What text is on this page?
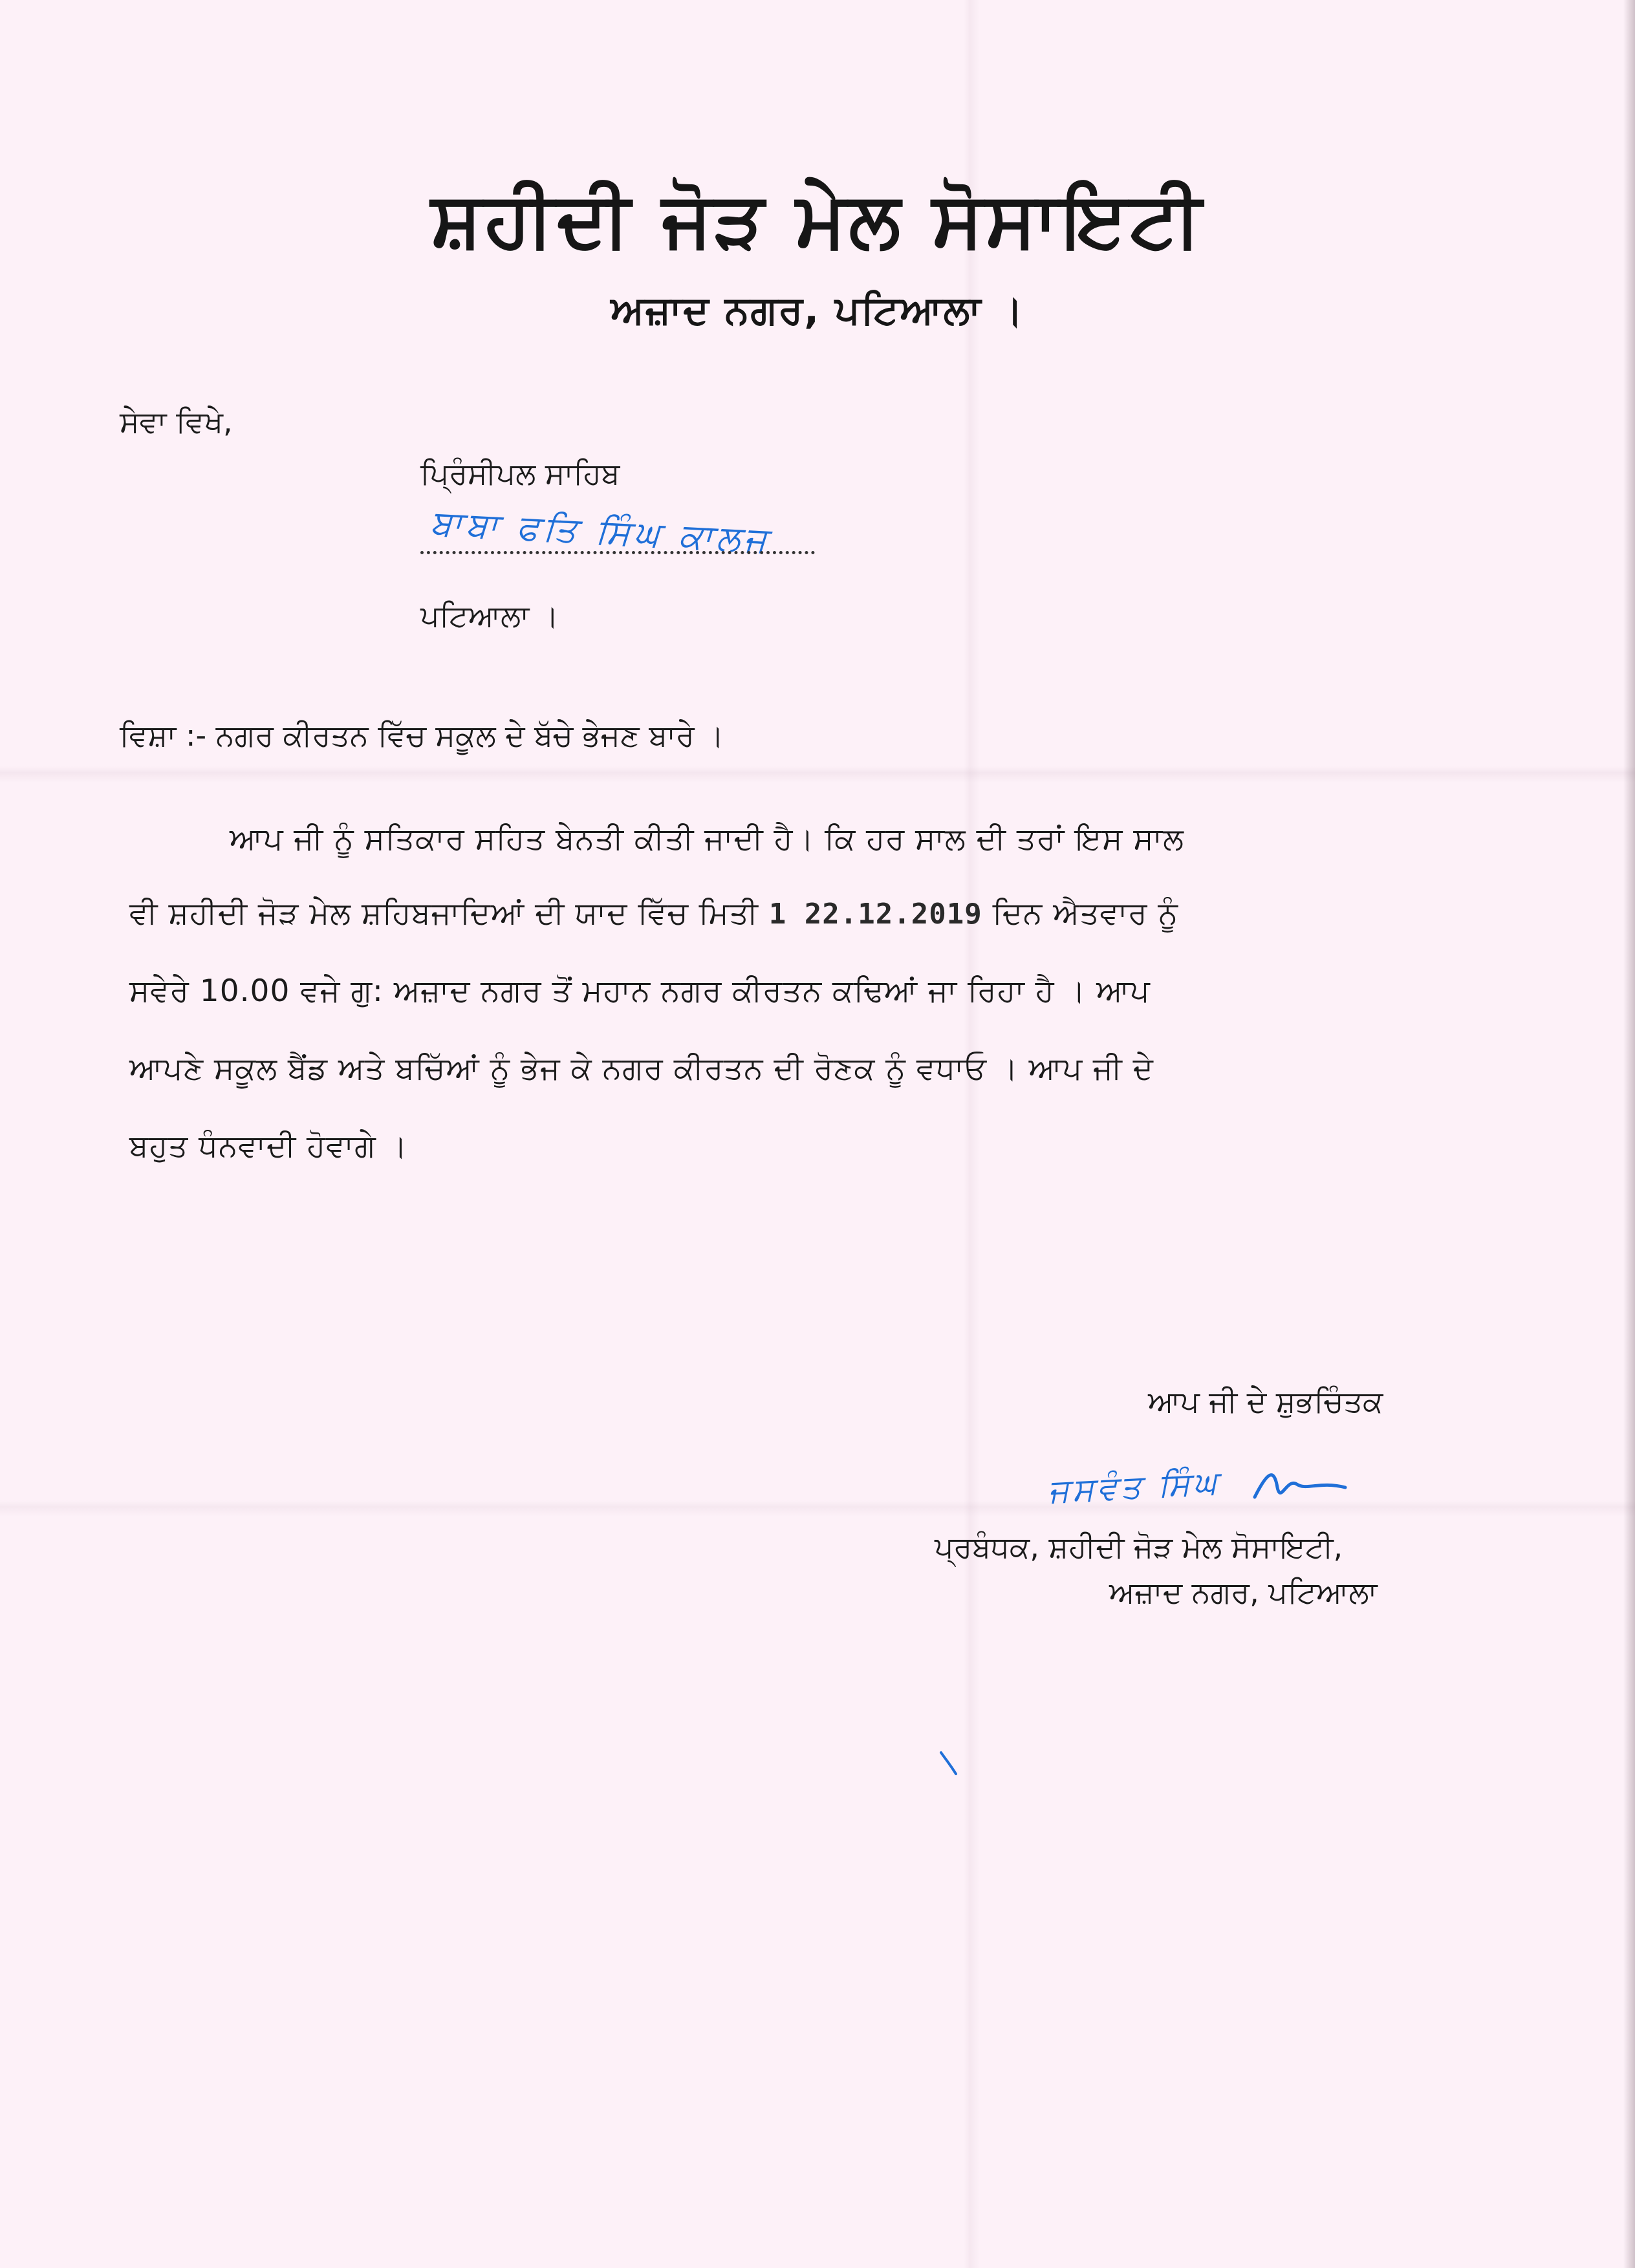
ਸ਼ਹੀਦੀ ਜੋੜ ਮੇਲ ਸੋਸਾਇਟੀ
ਅਜ਼ਾਦ ਨਗਰ, ਪਟਿਆਲਾ ।
ਸੇਵਾ ਵਿਖੇ,
ਪ੍ਰਿੰਸੀਪਲ ਸਾਹਿਬ
ਬਾਬਾ ਫਤਿ ਸਿੰਘ ਕਾਲਜ
ਪਟਿਆਲਾ ।
ਵਿਸ਼ਾ :- ਨਗਰ ਕੀਰਤਨ ਵਿੱਚ ਸਕੂਲ ਦੇ ਬੱਚੇ ਭੇਜਣ ਬਾਰੇ ।
ਆਪ ਜੀ ਨੂੰ ਸਤਿਕਾਰ ਸਹਿਤ ਬੇਨਤੀ ਕੀਤੀ ਜਾਦੀ ਹੈ। ਕਿ ਹਰ ਸਾਲ ਦੀ ਤਰਾਂ ਇਸ ਸਾਲ
ਵੀ ਸ਼ਹੀਦੀ ਜੋੜ ਮੇਲ ਸ਼ਹਿਬਜਾਦਿਆਂ ਦੀ ਯਾਦ ਵਿੱਚ ਮਿਤੀ 1 22.12.2019 ਦਿਨ ਐਤਵਾਰ ਨੂੰ
ਸਵੇਰੇ 10.00 ਵਜੇ ਗੁ: ਅਜ਼ਾਦ ਨਗਰ ਤੋਂ ਮਹਾਨ ਨਗਰ ਕੀਰਤਨ ਕਢਿਆਂ ਜਾ ਰਿਹਾ ਹੈ । ਆਪ
ਆਪਣੇ ਸਕੂਲ ਬੈਂਡ ਅਤੇ ਬਚਿੱਆਂ ਨੂੰ ਭੇਜ ਕੇ ਨਗਰ ਕੀਰਤਨ ਦੀ ਰੋਣਕ ਨੂੰ ਵਧਾਓ । ਆਪ ਜੀ ਦੇ
ਬਹੁਤ ਧੰਨਵਾਦੀ ਹੋਵਾਗੇ ।
ਆਪ ਜੀ ਦੇ ਸ਼ੁਭਚਿੰਤਕ
ਜਸਵੰਤ ਸਿੰਘ
ਪ੍ਰਬੰਧਕ, ਸ਼ਹੀਦੀ ਜੋੜ ਮੇਲ ਸੋਸਾਇਟੀ,
ਅਜ਼ਾਦ ਨਗਰ, ਪਟਿਆਲਾ
